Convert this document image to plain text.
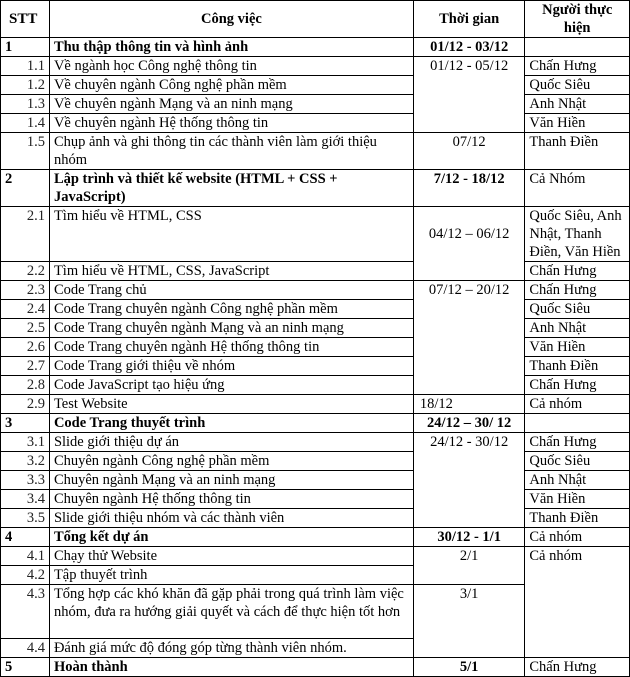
STT	Công việc	Thời gian	Người thực hiện
1	Thu thập thông tin và hình ảnh	01/12 - 03/12	
1.1	Về ngành học Công nghệ thông tin	01/12 - 05/12	Chấn Hưng
1.2	Về chuyên ngành Công nghệ phần mềm		Quốc Siêu
1.3	Về chuyên ngành Mạng và an ninh mạng		Anh Nhật
1.4	Về chuyên ngành Hệ thống thông tin		Văn Hiền
1.5	Chụp ảnh và ghi thông tin các thành viên làm giới thiệu nhóm	07/12	Thanh Điền
2	Lập trình và thiết kế website (HTML + CSS + JavaScript)	7/12 - 18/12	Cả Nhóm
2.1	Tìm hiểu về HTML, CSS	04/12 – 06/12	Quốc Siêu, Anh Nhật, Thanh Điền, Văn Hiền
2.2	Tìm hiểu về HTML, CSS, JavaScript		Chấn Hưng
2.3	Code Trang chủ	07/12 – 20/12	Chấn Hưng
2.4	Code Trang chuyên ngành Công nghệ phần mềm		Quốc Siêu
2.5	Code Trang chuyên ngành Mạng và an ninh mạng		Anh Nhật
2.6	Code Trang chuyên ngành Hệ thống thông tin		Văn Hiền
2.7	Code Trang giới thiệu về nhóm		Thanh Điền
2.8	Code JavaScript tạo hiệu ứng		Chấn Hưng
2.9	Test Website	18/12	Cả nhóm
3	Code Trang thuyết trình	24/12 – 30/ 12	
3.1	Slide giới thiệu dự án	24/12 - 30/12	Chấn Hưng
3.2	Chuyên ngành Công nghệ phần mềm		Quốc Siêu
3.3	Chuyên ngành Mạng và an ninh mạng		Anh Nhật
3.4	Chuyên ngành Hệ thống thông tin		Văn Hiền
3.5	Slide giới thiệu nhóm và các thành viên		Thanh Điền
4	Tổng kết dự án	30/12 - 1/1	Cả nhóm
4.1	Chạy thử Website	2/1	Cả nhóm
4.2	Tập thuyết trình		
4.3	Tổng hợp các khó khăn đã gặp phải trong quá trình làm việc nhóm, đưa ra hướng giải quyết và cách để thực hiện tốt hơn	3/1	
4.4	Đánh giá mức độ đóng góp từng thành viên nhóm.		
5	Hoàn thành	5/1	Chấn Hưng
